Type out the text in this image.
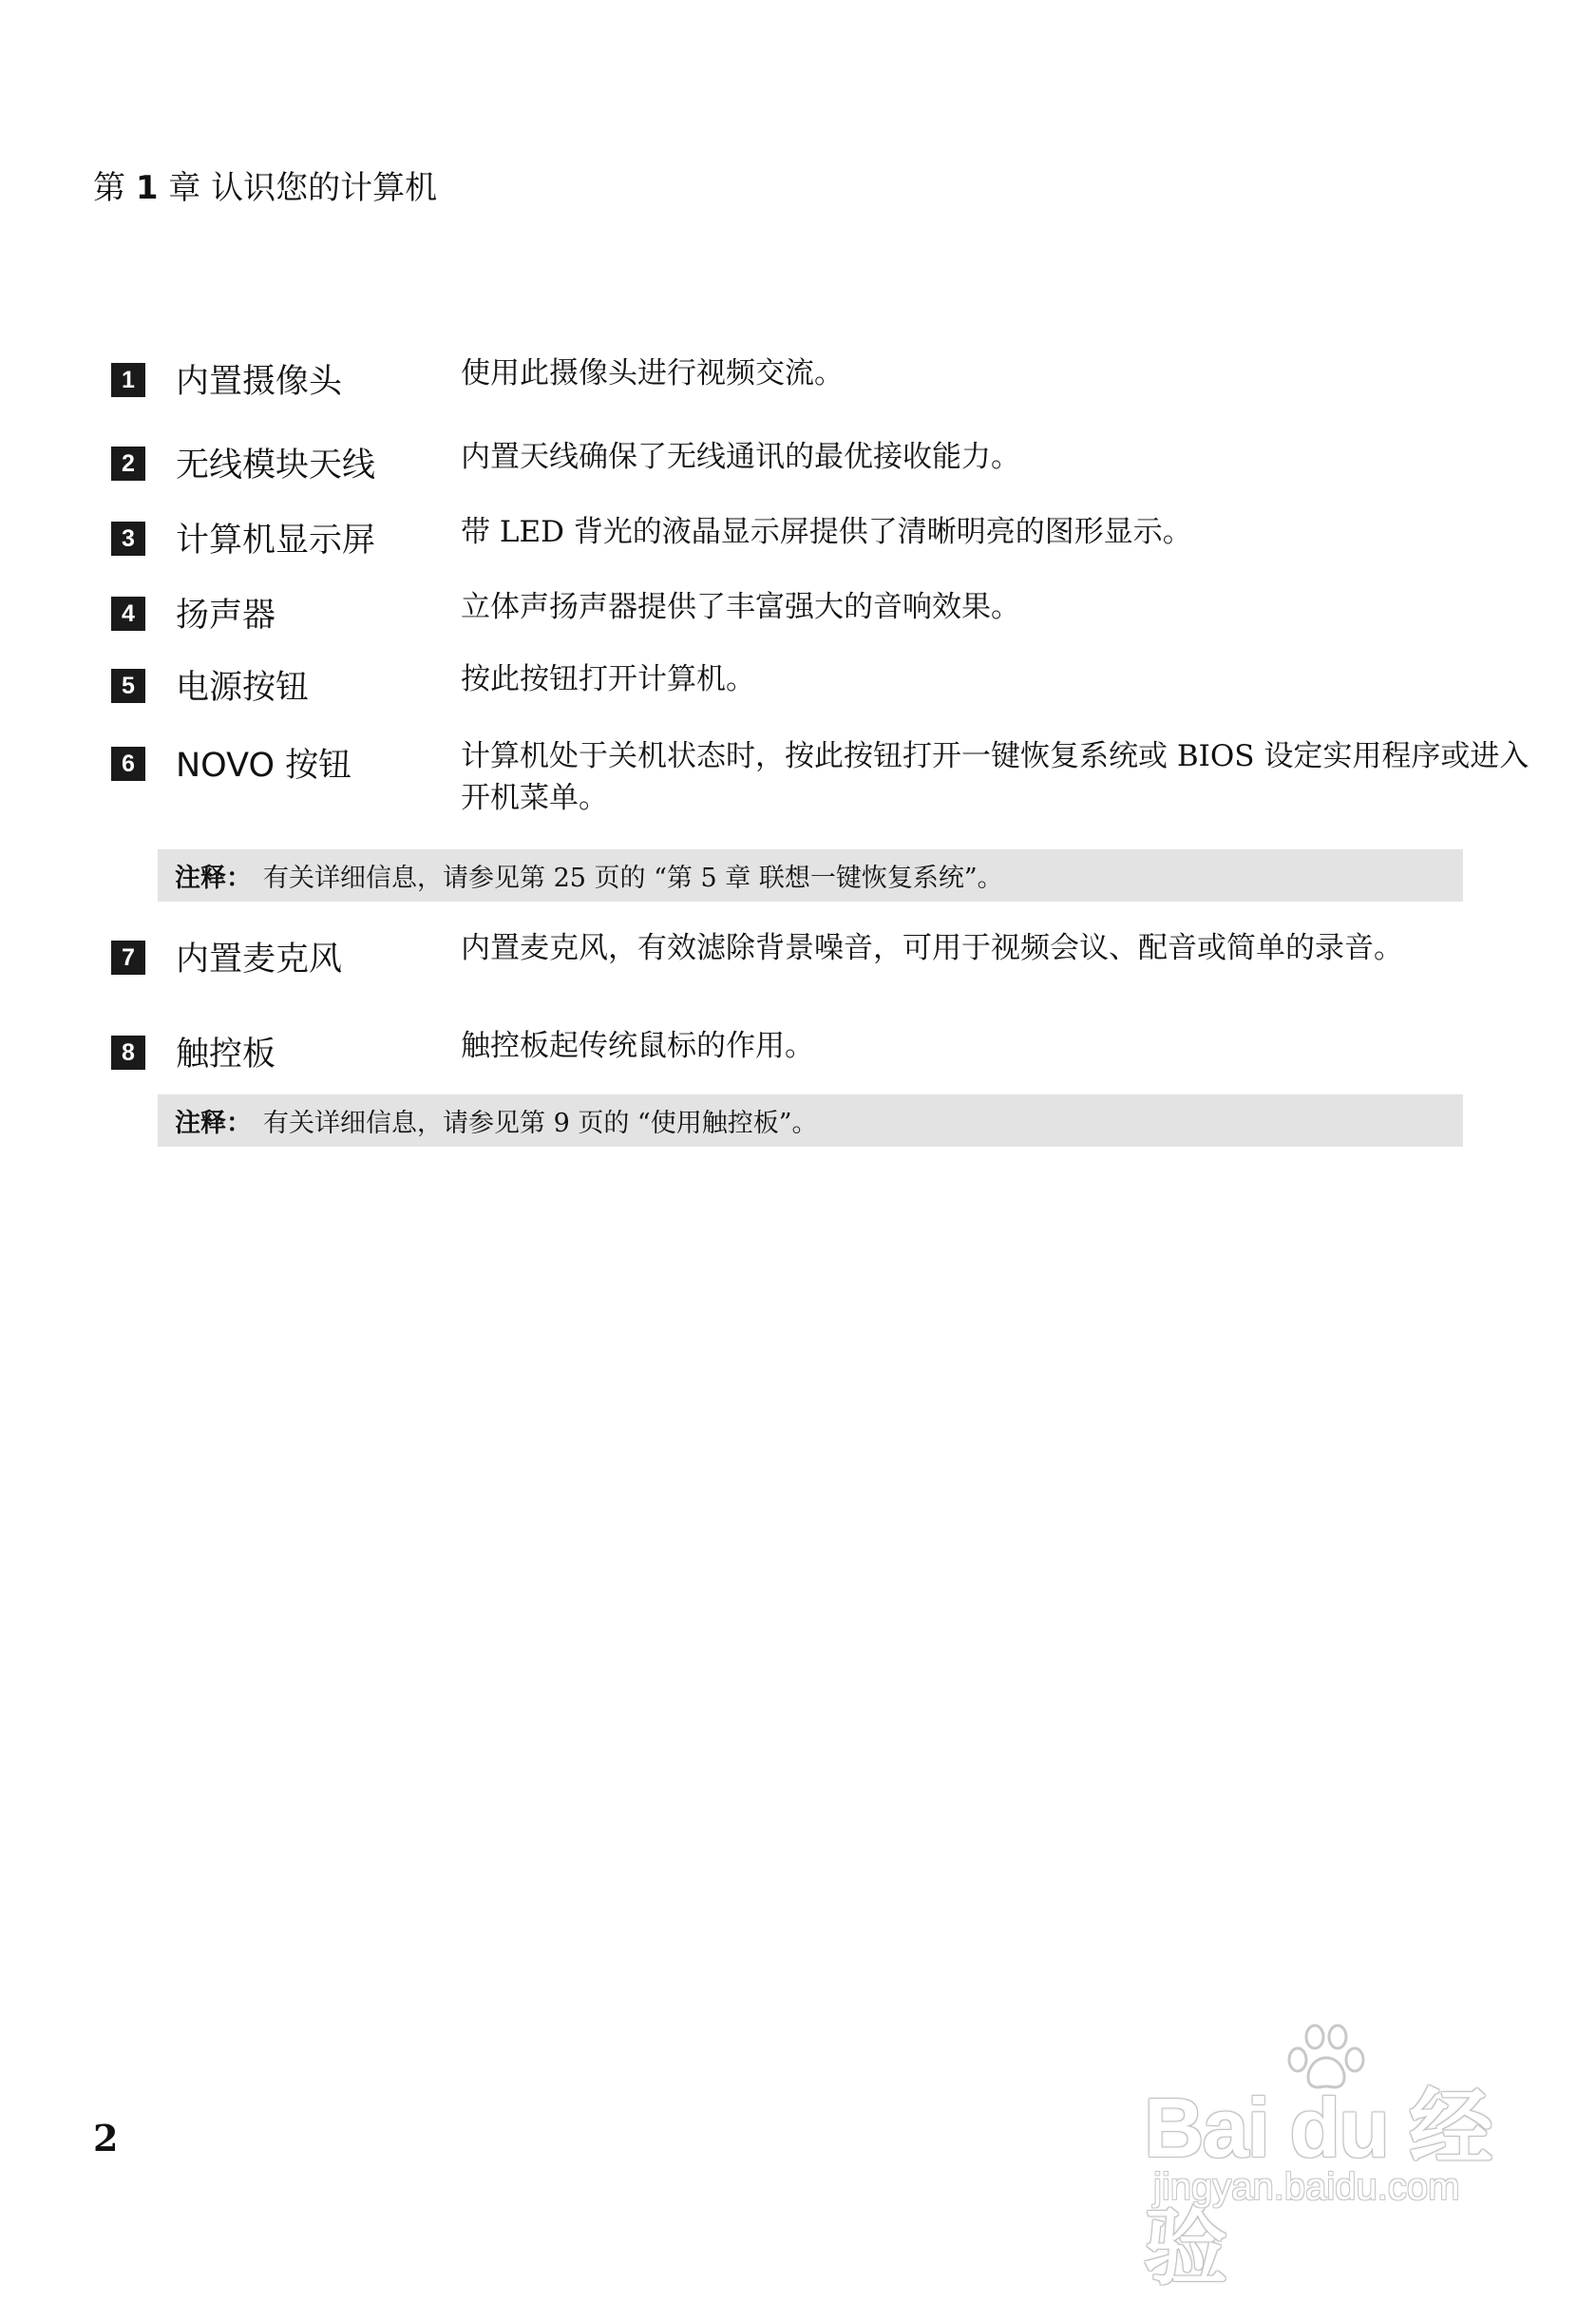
第 1 章 认识您的计算机
1	内置摄像头	使用此摄像头进行视频交流。
2	无线模块天线	内置天线确保了无线通讯的最优接收能力。
3	计算机显示屏	带 LED 背光的液晶显示屏提供了清晰明亮的图形显示。
4	扬声器	立体声扬声器提供了丰富强大的音响效果。
5	电源按钮	按此按钮打开计算机。
6	NOVO 按钮	计算机处于关机状态时，按此按钮打开一键恢复系统或 BIOS 设定实用程序或进入开机菜单。
注释： 有关详细信息，请参见第 25 页的 “第 5 章 联想一键恢复系统”。
7	内置麦克风	内置麦克风，有效滤除背景噪音，可用于视频会议、配音或简单的录音。
8	触控板	触控板起传统鼠标的作用。
注释： 有关详细信息，请参见第 9 页的 “使用触控板”。
2	Bai du 经验
jingyan.baidu.com
